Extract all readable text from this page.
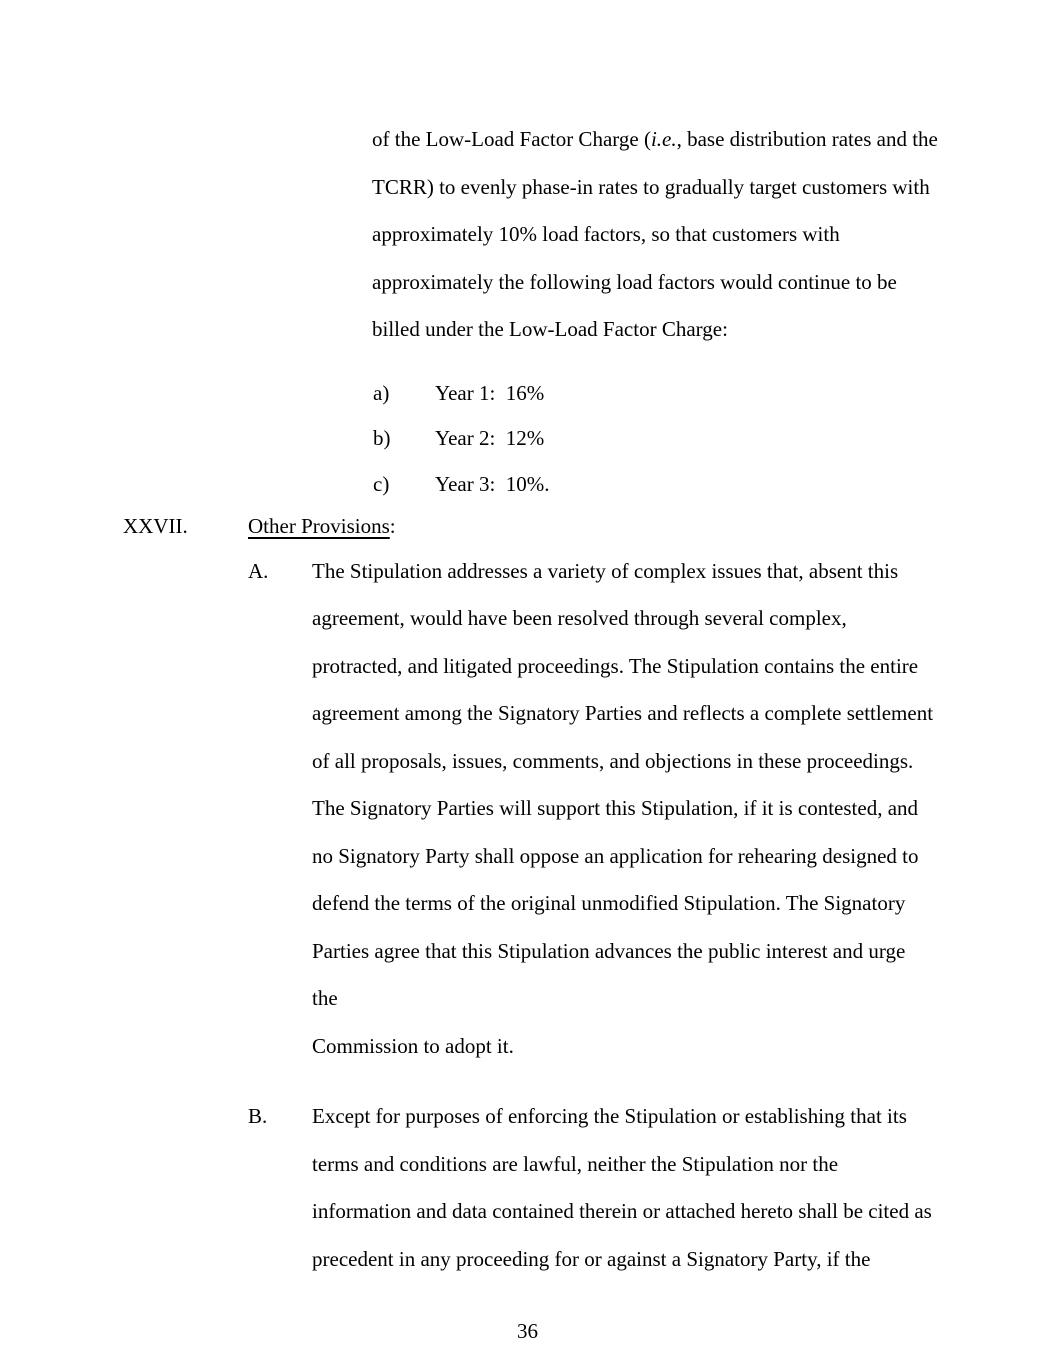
of the Low-Load Factor Charge (i.e., base distribution rates and the
TCRR) to evenly phase-in rates to gradually target customers with
approximately 10% load factors, so that customers with
approximately the following load factors would continue to be
billed under the Low-Load Factor Charge:
a) Year 1:  16%
b) Year 2:  12%
c) Year 3:  10%.
XXVII.	Other Provisions:
A.	The Stipulation addresses a variety of complex issues that, absent this
agreement, would have been resolved through several complex,
protracted, and litigated proceedings. The Stipulation contains the entire
agreement among the Signatory Parties and reflects a complete settlement
of all proposals, issues, comments, and objections in these proceedings.
The Signatory Parties will support this Stipulation, if it is contested, and
no Signatory Party shall oppose an application for rehearing designed to
defend the terms of the original unmodified Stipulation. The Signatory
Parties agree that this Stipulation advances the public interest and urge the
Commission to adopt it.
B.	Except for purposes of enforcing the Stipulation or establishing that its
terms and conditions are lawful, neither the Stipulation nor the
information and data contained therein or attached hereto shall be cited as
precedent in any proceeding for or against a Signatory Party, if the
36
